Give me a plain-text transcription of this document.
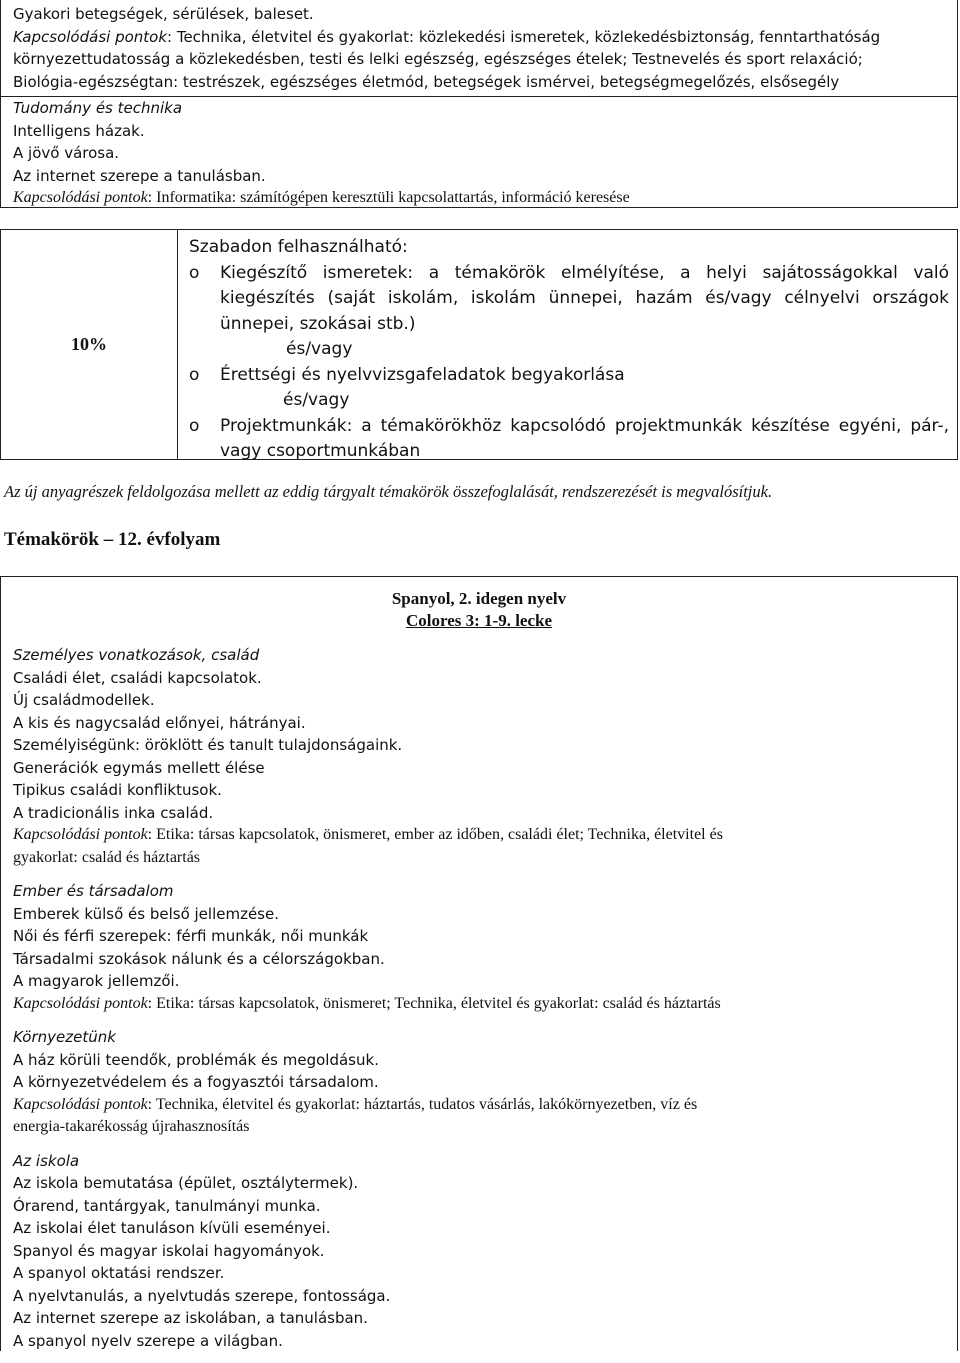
Gyakori betegségek, sérülések, baleset.
Kapcsolódási pontok: Technika, életvitel és gyakorlat: közlekedési ismeretek, közlekedésbiztonság, fenntarthatóság
környezettudatosság a közlekedésben, testi és lelki egészség, egészséges ételek; Testnevelés és sport relaxáció;
Biológia-egészségtan: testrészek, egészséges életmód, betegségek ismérvei, betegségmegelőzés, elsősegély
Tudomány és technika
Intelligens házak.
A jövő városa.
Az internet szerepe a tanulásban.
Kapcsolódási pontok: Informatika: számítógépen keresztüli kapcsolattartás, információ keresése
10%
Szabadon felhasználható:
o Kiegészítő ismeretek: a témakörök elmélyítése, a helyi sajátosságokkal való
kiegészítés (saját iskolám, iskolám ünnepei, hazám és/vagy célnyelvi országok
ünnepei, szokásai stb.)
és/vagy
o Érettségi és nyelvvizsgafeladatok begyakorlása
és/vagy
o Projektmunkák: a témakörökhöz kapcsolódó projektmunkák készítése egyéni, pár-,
vagy csoportmunkában
Az új anyagrészek feldolgozása mellett az eddig tárgyalt témakörök összefoglalását, rendszerezését is megvalósítjuk.
Témakörök – 12. évfolyam
Spanyol, 2. idegen nyelv
Colores 3: 1-9. lecke
Személyes vonatkozások, család
Családi élet, családi kapcsolatok.
Új családmodellek.
A kis és nagycsalád előnyei, hátrányai.
Személyiségünk: öröklött és tanult tulajdonságaink.
Generációk egymás mellett élése
Tipikus családi konfliktusok.
A tradicionális inka család.
Kapcsolódási pontok: Etika: társas kapcsolatok, önismeret, ember az időben, családi élet; Technika, életvitel és
gyakorlat: család és háztartás
Ember és társadalom
Emberek külső és belső jellemzése.
Női és férfi szerepek: férfi munkák, női munkák
Társadalmi szokások nálunk és a célországokban.
A magyarok jellemzői.
Kapcsolódási pontok: Etika: társas kapcsolatok, önismeret; Technika, életvitel és gyakorlat: család és háztartás
Környezetünk
A ház körüli teendők, problémák és megoldásuk.
A környezetvédelem és a fogyasztói társadalom.
Kapcsolódási pontok: Technika, életvitel és gyakorlat: háztartás, tudatos vásárlás, lakókörnyezetben, víz és
energia-takarékosság újrahasznosítás
Az iskola
Az iskola bemutatása (épület, osztálytermek).
Órarend, tantárgyak, tanulmányi munka.
Az iskolai élet tanuláson kívüli eseményei.
Spanyol és magyar iskolai hagyományok.
A spanyol oktatási rendszer.
A nyelvtanulás, a nyelvtudás szerepe, fontossága.
Az internet szerepe az iskolában, a tanulásban.
A spanyol nyelv szerepe a világban.
